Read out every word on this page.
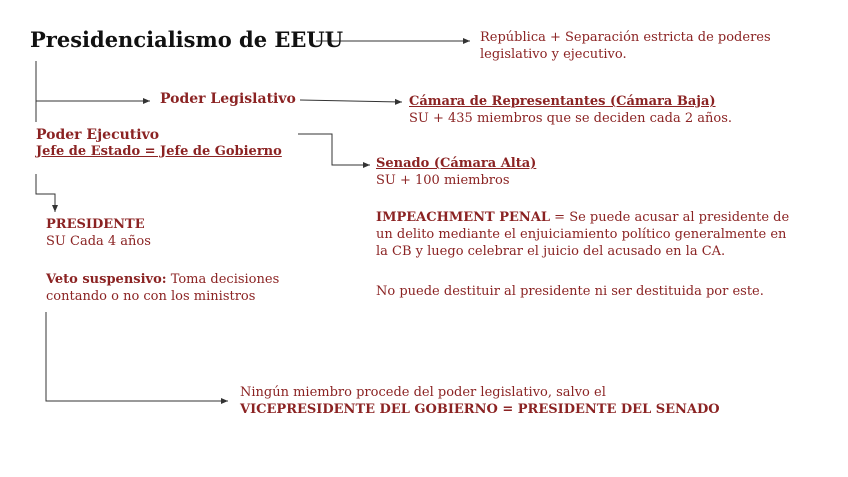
Presidencialismo de EEUU	República + Separación estricta de poderes
legislativo y ejecutivo.
Poder Legislativo	Cámara de Representantes (Cámara Baja)
SU + 435 miembros que se deciden cada 2 años.
Poder Ejecutivo
Jefe de Estado = Jefe de Gobierno
Senado (Cámara Alta)
SU + 100 miembros
IMPEACHMENT PENAL = Se puede acusar al presidente de
un delito mediante el enjuiciamiento político generalmente en
la CB y luego celebrar el juicio del acusado en la CA.
No puede destituir al presidente ni ser destituida por este.
PRESIDENTE
SU Cada 4 años
Veto suspensivo: Toma decisiones
contando o no con los ministros
Ningún miembro procede del poder legislativo, salvo el
VICEPRESIDENTE DEL GOBIERNO = PRESIDENTE DEL SENADO
